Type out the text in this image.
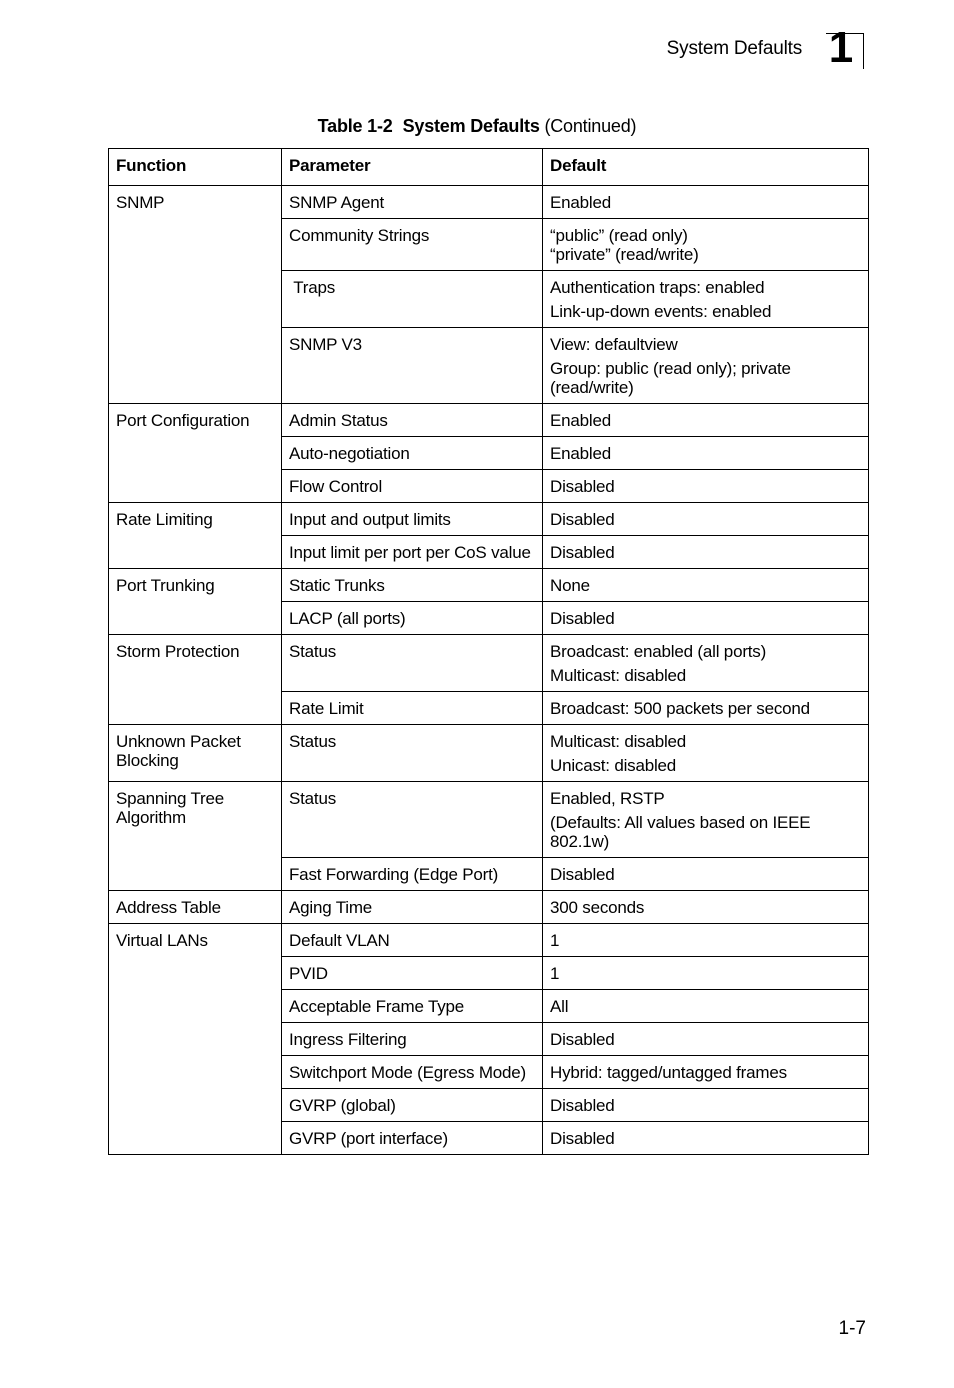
System Defaults 1
Table 1-2 System Defaults (Continued)
Function	Parameter	Default
SNMP	SNMP Agent	Enabled

	Community Strings	“public” (read only)
“private” (read/write)

	Traps	Authentication traps: enabled
Link-up-down events: enabled

	SNMP V3	View: defaultview
Group: public (read only); private (read/write)

Port Configuration	Admin Status	Enabled

	Auto-negotiation	Enabled

	Flow Control	Disabled

Rate Limiting	Input and output limits	Disabled

	Input limit per port per CoS value	Disabled

Port Trunking	Static Trunks	None

	LACP (all ports)	Disabled

Storm Protection	Status	Broadcast: enabled (all ports)
Multicast: disabled

	Rate Limit	Broadcast: 500 packets per second

Unknown Packet Blocking	Status	Multicast: disabled
Unicast: disabled

Spanning Tree Algorithm	Status	Enabled, RSTP
(Defaults: All values based on IEEE 802.1w)

	Fast Forwarding (Edge Port)	Disabled

Address Table	Aging Time	300 seconds

Virtual LANs	Default VLAN	1

	PVID	1

	Acceptable Frame Type	All

	Ingress Filtering	Disabled

	Switchport Mode (Egress Mode)	Hybrid: tagged/untagged frames

	GVRP (global)	Disabled

	GVRP (port interface)	Disabled
1-7
